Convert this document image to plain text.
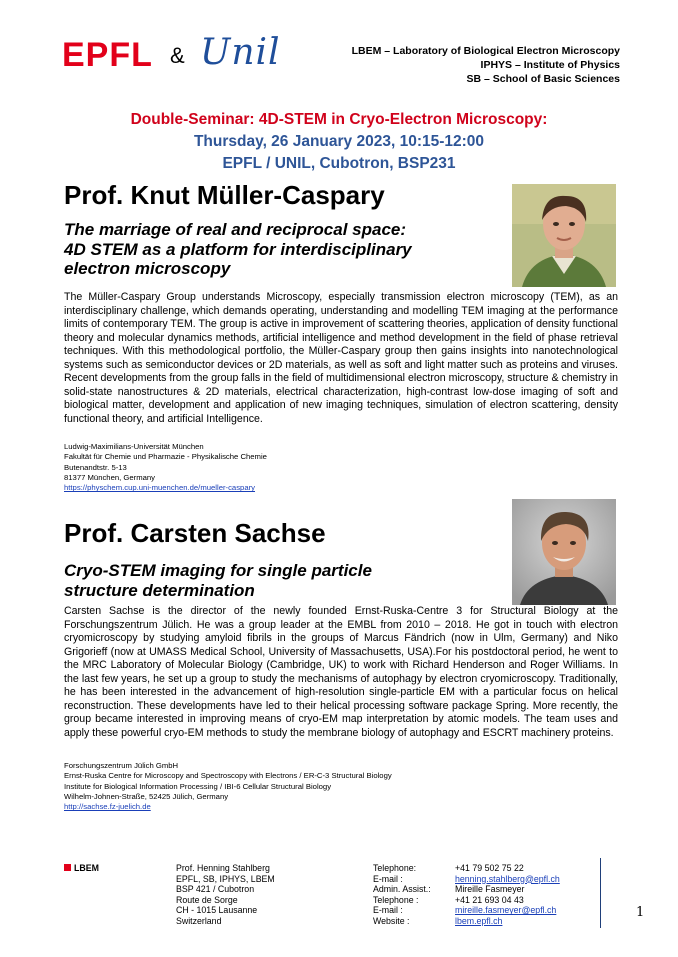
EPFL & Unil	LBEM – Laboratory of Biological Electron Microscopy
IPHYS – Institute of Physics
SB – School of Basic Sciences
Double-Seminar: 4D-STEM in Cryo-Electron Microscopy:
Thursday, 26 January 2023, 10:15-12:00
EPFL / UNIL, Cubotron, BSP231
Prof. Knut Müller-Caspary
The marriage of real and reciprocal space:
4D STEM as a platform for interdisciplinary
electron microscopy
The Müller-Caspary Group understands Microscopy, especially transmission electron microscopy (TEM), as an interdisciplinary challenge, which demands operating, understanding and modelling TEM imaging at the performance limits of contemporary TEM. The group is active in improvement of scattering theories, application of density functional theory and molecular dynamics methods, artificial intelligence and method development in the field of phase retrieval techniques. With this methodological portfolio, the Müller-Caspary group then gains insights into nanotechnological systems such as semiconductor devices or 2D materials, as well as soft and light matter such as proteins and viruses. Recent developments from the group falls in the field of multidimensional electron microscopy, structure & chemistry in solid-state nanostructures & 2D materials, electrical characterization, high-contrast low-dose imaging of soft and biological matter, development and application of new imaging techniques, simulation of electron scattering, density functional theory, and artificial Intelligence.
Ludwig-Maximilians-Universität München
Fakultät für Chemie und Pharmazie - Physikalische Chemie
Butenandtstr. 5-13
81377 München, Germany
https://physchem.cup.uni-muenchen.de/mueller-caspary
Prof. Carsten Sachse
Cryo-STEM imaging for single particle
structure determination
Carsten Sachse is the director of the newly founded Ernst-Ruska-Centre 3 for Structural Biology at the Forschungszentrum Jülich. He was a group leader at the EMBL from 2010 – 2018. He got in touch with electron cryomicroscopy by studying amyloid fibrils in the groups of Marcus Fändrich (now in Ulm, Germany) and Niko Grigorieff (now at UMASS Medical School, University of Massachusetts, USA).For his postdoctoral period, he went to the MRC Laboratory of Molecular Biology (Cambridge, UK) to work with Richard Henderson and Roger Williams. In the last few years, he set up a group to study the mechanisms of autophagy by electron cryomicroscopy. Traditionally, he has been interested in the advancement of high-resolution single-particle EM with a particular focus on helical reconstruction. These developments have led to their helical processing software package Spring. More recently, the group became interested in improving means of cryo-EM map interpretation by atomic models. The team uses and apply these powerful cryo-EM methods to study the membrane biology of autophagy and ESCRT machinery proteins.
Forschungszentrum Jülich GmbH
Ernst-Ruska Centre for Microscopy and Spectroscopy with Electrons / ER-C-3 Structural Biology
Institute for Biological Information Processing / IBI-6 Cellular Structural Biology
Wilhelm-Johnen-Straße, 52425 Jülich, Germany
http://sachse.fz-juelich.de
LBEM	Prof. Henning Stahlberg
EPFL, SB, IPHYS, LBEM
BSP 421 / Cubotron
Route de Sorge
CH - 1015 Lausanne
Switzerland
Telephone:
E-mail :
Admin. Assist.:
Telephone :
E-mail :
Website :
+41 79 502 75 22
henning.stahlberg@epfl.ch
Mireille Fasmeyer
+41 21 693 04 43
mireille.fasmeyer@epfl.ch
lbem.epfl.ch
1
